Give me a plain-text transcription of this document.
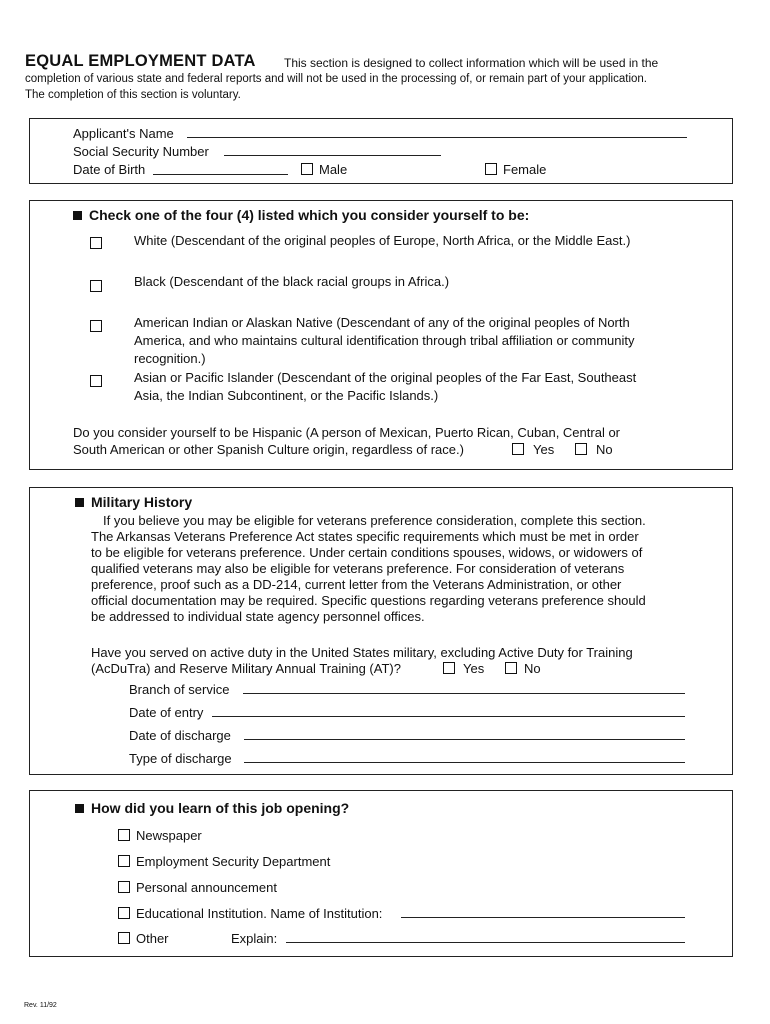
EQUAL EMPLOYMENT DATA This section is designed to collect information which will be used in the
completion of various state and federal reports and will not be used in the processing of, or remain part of your application.
The completion of this section is voluntary.
Applicant's Name
Social Security Number
Date of Birth	Male	Female
Check one of the four (4) listed which you consider yourself to be:
White (Descendant of the original peoples of Europe, North Africa, or the Middle East.)
Black (Descendant of the black racial groups in Africa.)
American Indian or Alaskan Native (Descendant of any of the original peoples of North
America, and who maintains cultural identification through tribal affiliation or community
recognition.)
Asian or Pacific Islander (Descendant of the original peoples of the Far East, Southeast
Asia, the Indian Subcontinent, or the Pacific Islands.)
Do you consider yourself to be Hispanic (A person of Mexican, Puerto Rican, Cuban, Central or
South American or other Spanish Culture origin, regardless of race.)	Yes	No
Military History
If you believe you may be eligible for veterans preference consideration, complete this section.
The Arkansas Veterans Preference Act states specific requirements which must be met in order
to be eligible for veterans preference. Under certain conditions spouses, widows, or widowers of
qualified veterans may also be eligible for veterans preference. For consideration of veterans
preference, proof such as a DD-214, current letter from the Veterans Administration, or other
official documentation may be required. Specific questions regarding veterans preference should
be addressed to individual state agency personnel offices.
Have you served on active duty in the United States military, excluding Active Duty for Training
(AcDuTra) and Reserve Military Annual Training (AT)?	Yes	No
Branch of service
Date of entry
Date of discharge
Type of discharge
How did you learn of this job opening?
Newspaper
Employment Security Department
Personal announcement
Educational Institution. Name of Institution:
Other	Explain:
Rev. 11/92
